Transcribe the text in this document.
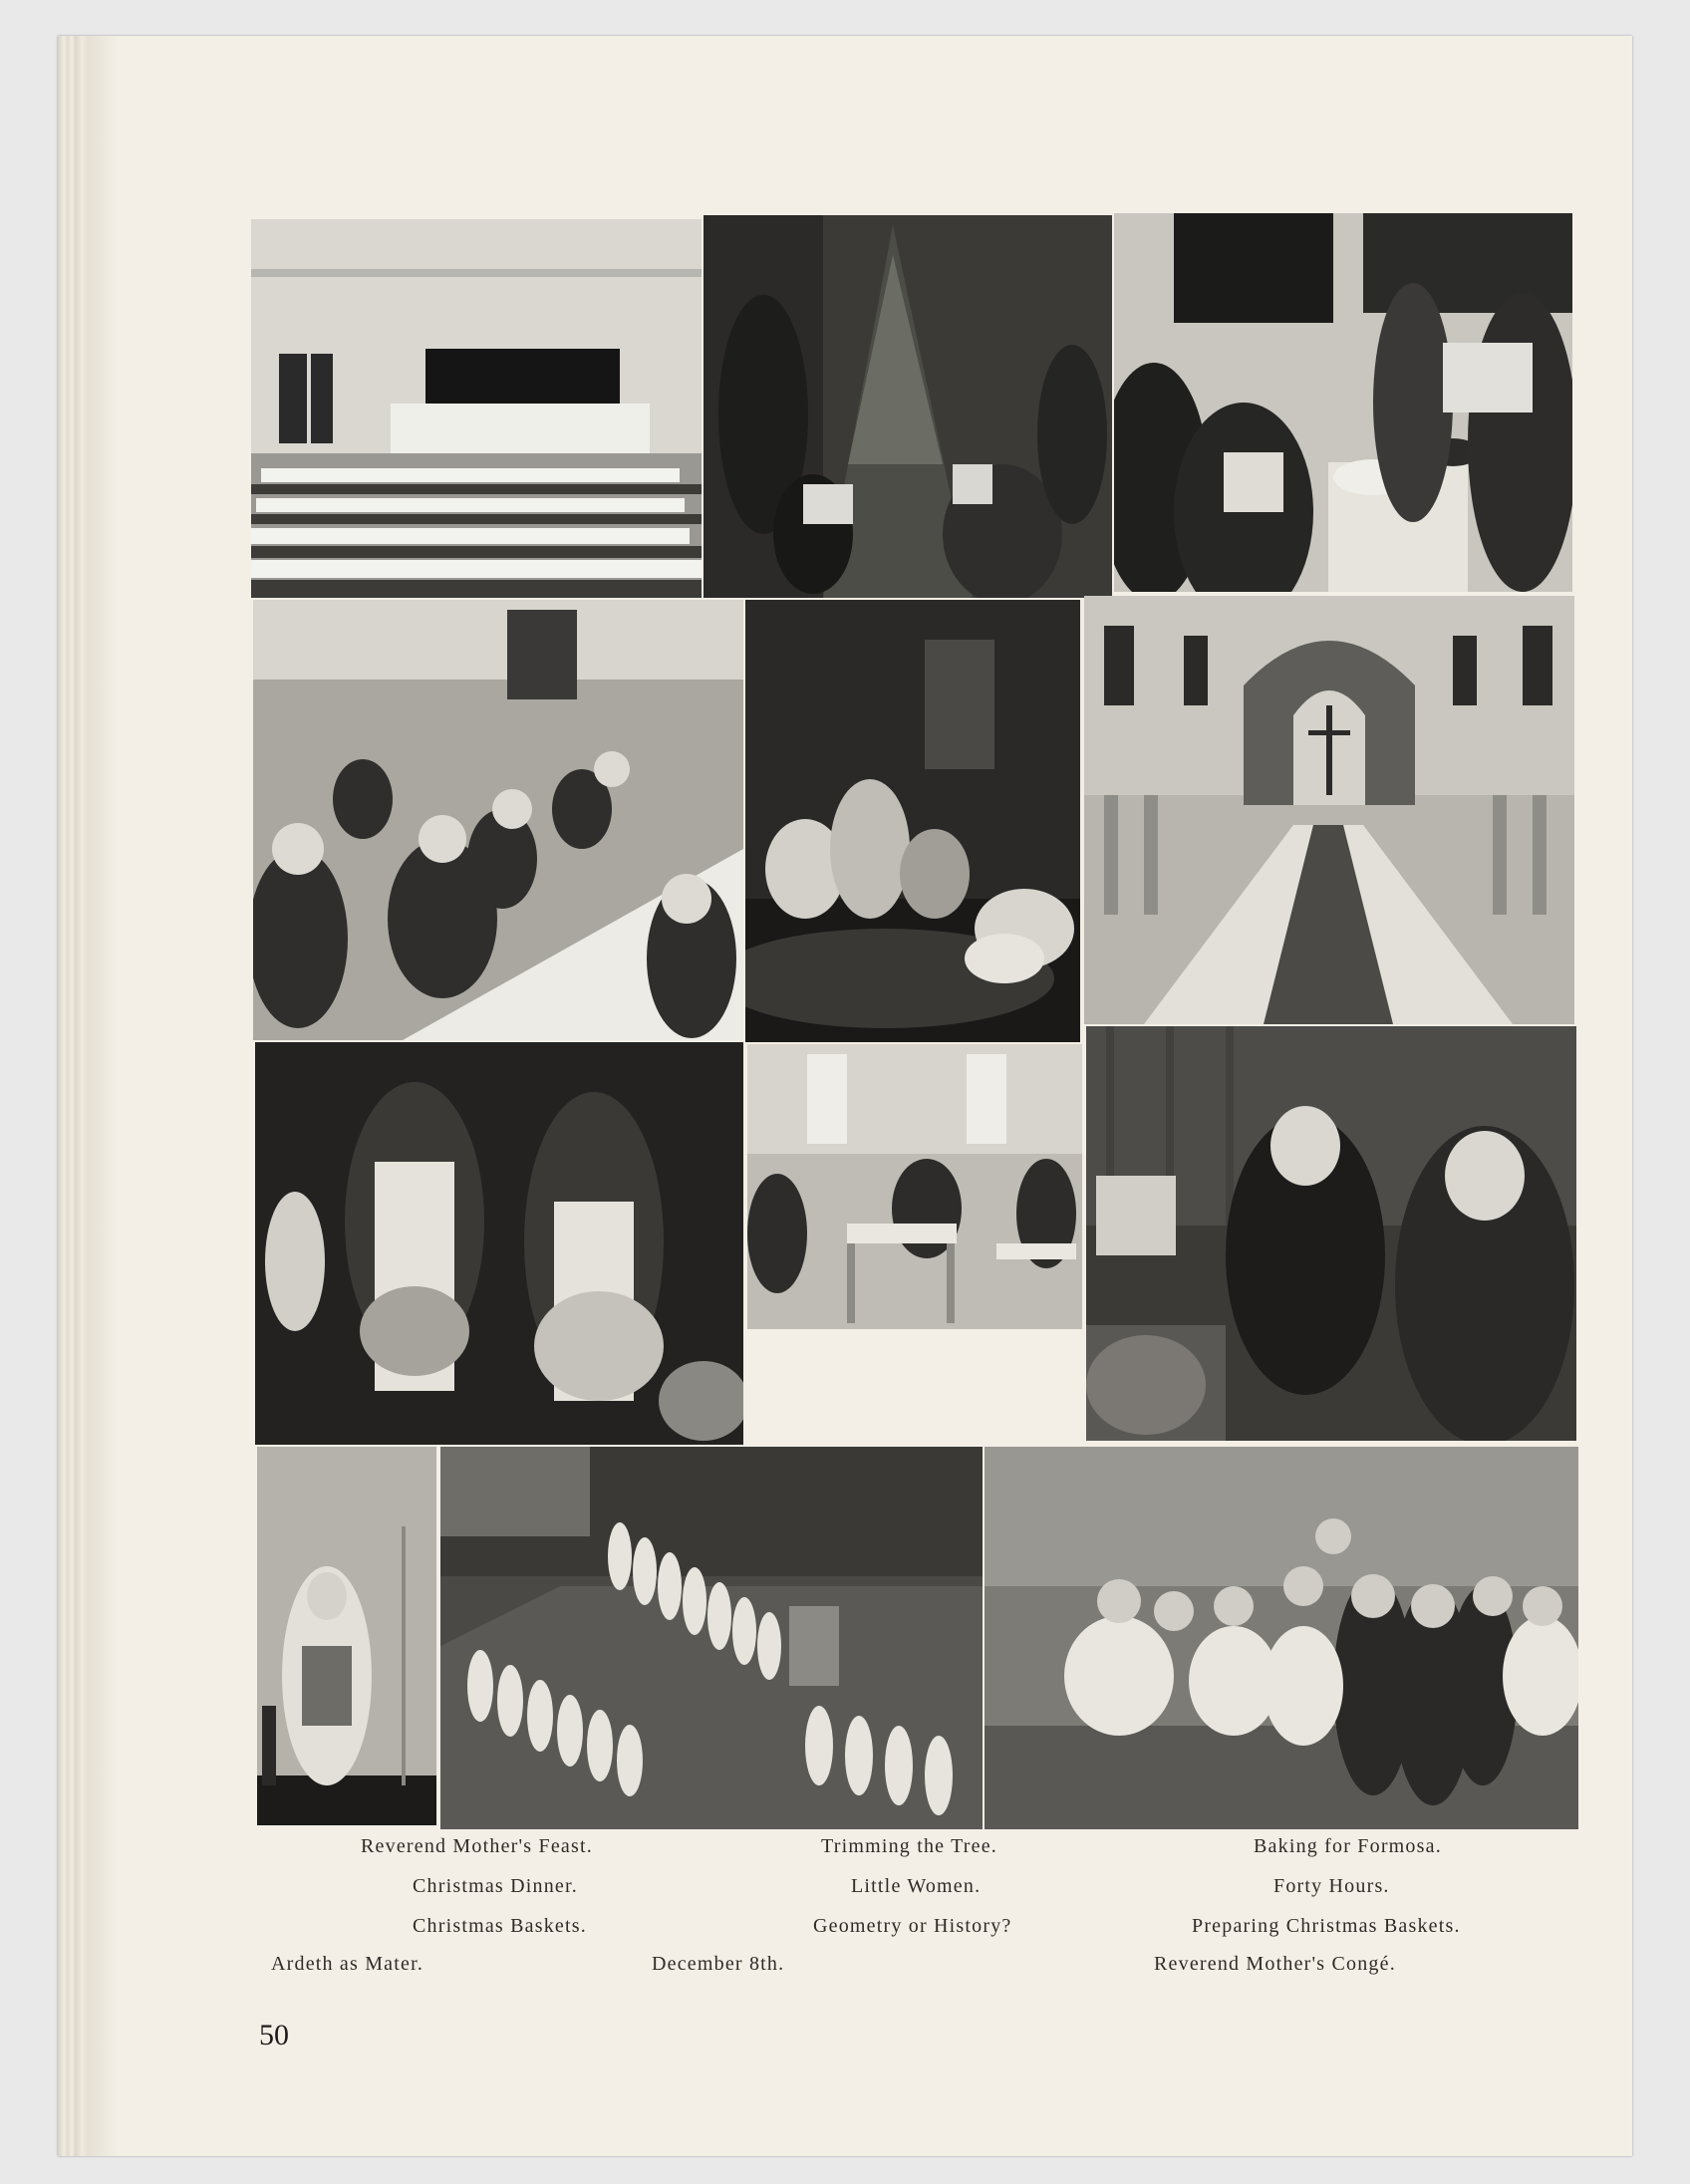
Reverend Mother's Feast.
Christmas Dinner.
Christmas Baskets.
Trimming the Tree.
Little Women.
Geometry or History?
Baking for Formosa.
Forty Hours.
Preparing Christmas Baskets.
Ardeth as Mater.	December 8th.	Reverend Mother's Congé.
50
